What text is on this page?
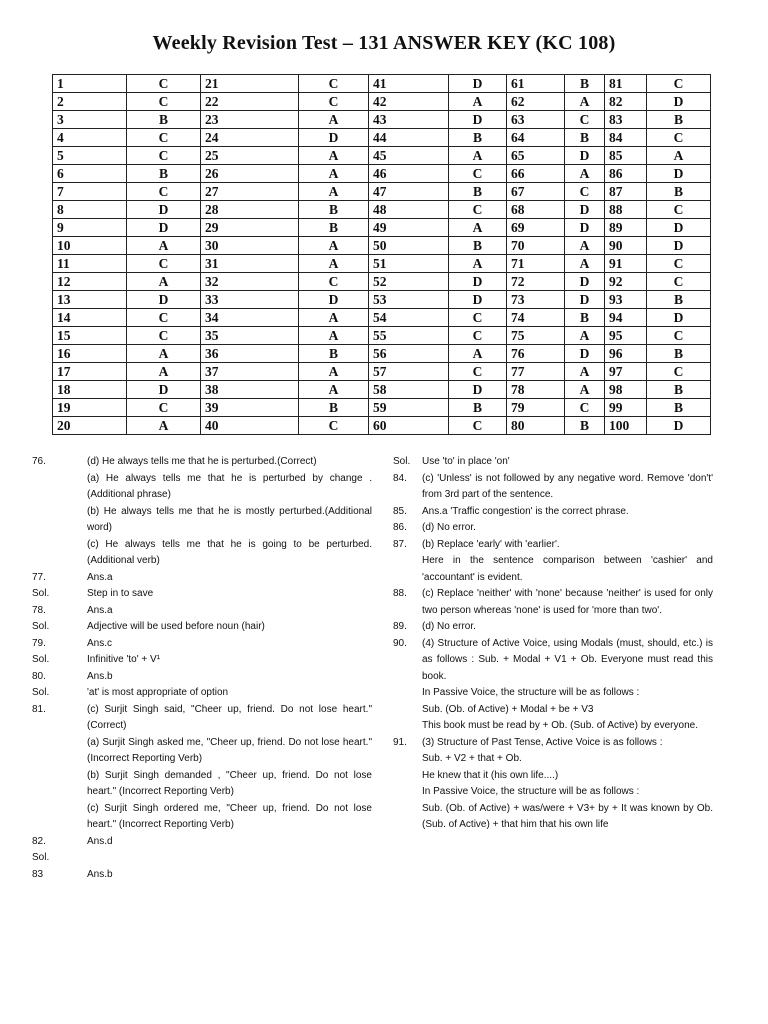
Weekly Revision Test – 131 ANSWER KEY (KC 108)
1	C	21	C	41	D	61	B	81	C
2	C	22	C	42	A	62	A	82	D
3	B	23	A	43	D	63	C	83	B
4	C	24	D	44	B	64	B	84	C
5	C	25	A	45	A	65	D	85	A
6	B	26	A	46	C	66	A	86	D
7	C	27	A	47	B	67	C	87	B
8	D	28	B	48	C	68	D	88	C
9	D	29	B	49	A	69	D	89	D
10	A	30	A	50	B	70	A	90	D
11	C	31	A	51	A	71	A	91	C
12	A	32	C	52	D	72	D	92	C
13	D	33	D	53	D	73	D	93	B
14	C	34	A	54	C	74	B	94	D
15	C	35	A	55	C	75	A	95	C
16	A	36	B	56	A	76	D	96	B
17	A	37	A	57	C	77	A	97	C
18	D	38	A	58	D	78	A	98	B
19	C	39	B	59	B	79	C	99	B
20	A	40	C	60	C	80	B	100	D
76.	(d) He always tells me that he is perturbed.(Correct)
(a) He always tells me that he is perturbed by change . (Additional phrase)
(b) He always tells me that he is mostly perturbed.(Additional word)
(c) He always tells me that he is going to be perturbed. (Additional verb)
77.	Ans.a
Sol.	Step in to save
78.	Ans.a
Sol.	Adjective will be used before noun (hair)
79.	Ans.c
Sol.	Infinitive 'to' + V¹
80.	Ans.b
Sol.	'at' is most appropriate of option
81.	(c) Surjit Singh said, "Cheer up, friend. Do not lose heart." (Correct)
(a) Surjit Singh asked me, "Cheer up, friend. Do not lose heart." (Incorrect Reporting Verb)
(b) Surjit Singh demanded , "Cheer up, friend. Do not lose heart." (Incorrect Reporting Verb)
(c) Surjit Singh ordered me, "Cheer up, friend. Do not lose heart." (Incorrect Reporting Verb)
82.	Ans.d
Sol.
83	Ans.b
Sol.	Use 'to' in place 'on'
84.	(c) 'Unless' is not followed by any negative word. Remove 'don't' from 3rd part of the sentence.
85.	Ans.a 'Traffic congestion' is the correct phrase.
86.	(d) No error.
87.	(b) Replace 'early' with 'earlier'.
Here in the sentence comparison between 'cashier' and 'accountant' is evident.
88.	(c) Replace 'neither' with 'none' because 'neither' is used for only two person whereas 'none' is used for 'more than two'.
89.	(d) No error.
90.	(4) Structure of Active Voice, using Modals (must, should, etc.) is as follows : Sub. + Modal + V1 + Ob. Everyone must read this book.
In Passive Voice, the structure will be as follows :
Sub. (Ob. of Active) + Modal + be + V3
This book must be read by + Ob. (Sub. of Active) by everyone.
91.	(3) Structure of Past Tense, Active Voice is as follows :
Sub. + V2 + that + Ob.
He knew that it (his own life....)
In Passive Voice, the structure will be as follows :
Sub. (Ob. of Active) + was/were + V3+ by + It was known by Ob. (Sub. of Active) + that him that his own life
